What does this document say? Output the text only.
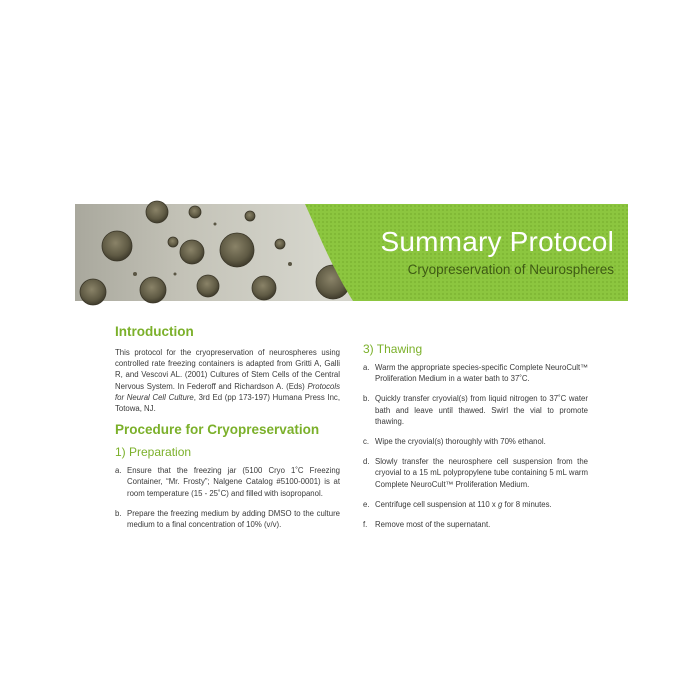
Summary Protocol
Cryopreservation of Neurospheres
Introduction

This protocol for the cryopreservation of neurospheres using controlled rate freezing containers is adapted from Gritti A, Galli R, and Vescovi AL. (2001) Cultures of Stem Cells of the Central Nervous System. In Federoff and Richardson A. (Eds) Protocols for Neural Cell Culture, 3rd Ed (pp 173-197) Humana Press Inc, Totowa, NJ.

Procedure for Cryopreservation
1) Preparation
a. Ensure that the freezing jar (5100 Cryo 1˚C Freezing Container, “Mr. Frosty”; Nalgene Catalog #5100-0001) is at room temperature (15 - 25˚C) and filled with isopropanol.
b. Prepare the freezing medium by adding DMSO to the culture medium to a final concentration of 10% (v/v).
3) Thawing
a. Warm the appropriate species-specific Complete NeuroCult™ Proliferation Medium in a water bath to 37˚C.
b. Quickly transfer cryovial(s) from liquid nitrogen to 37˚C water bath and leave until thawed. Swirl the vial to promote thawing.
c. Wipe the cryovial(s) thoroughly with 70% ethanol.
d. Slowly transfer the neurosphere cell suspension from the cryovial to a 15 mL polypropylene tube containing 5 mL warm Complete NeuroCult™ Proliferation Medium.
e. Centrifuge cell suspension at 110 x g for 8 minutes.
f. Remove most of the supernatant.
